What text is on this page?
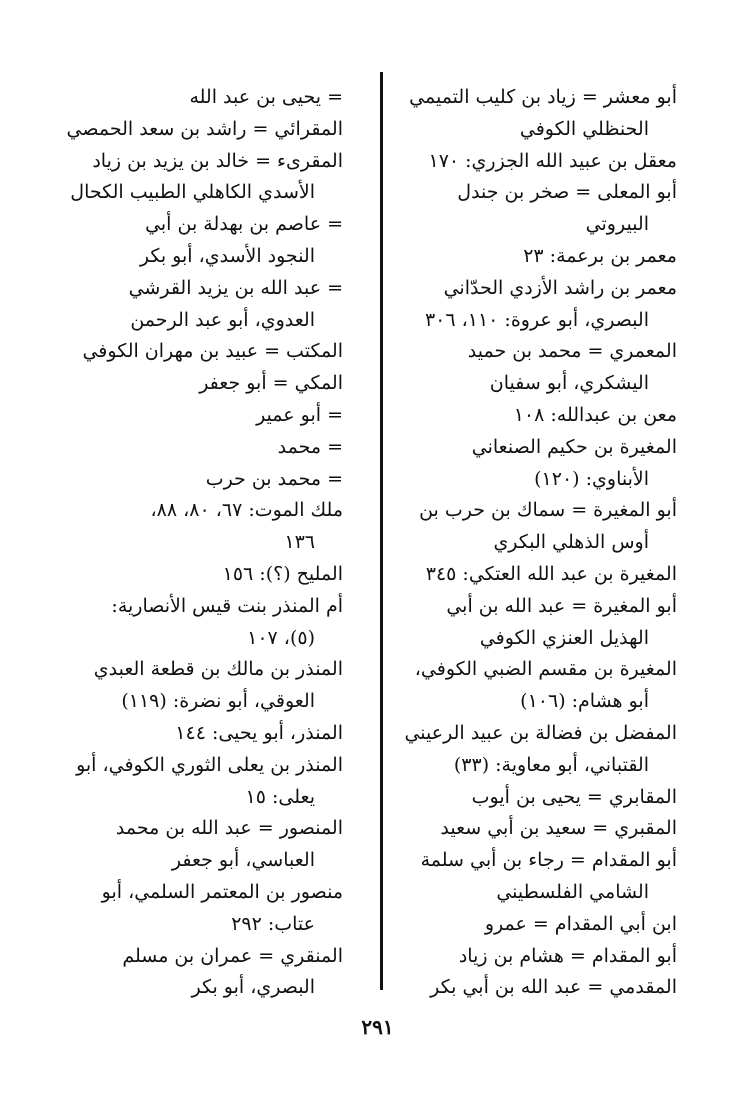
أبو معشر = زياد بن كليب التميمي
الحنظلي الكوفي
معقل بن عبيد الله الجزري: ١٧٠
أبو المعلى = صخر بن جندل
البيروتي
معمر بن برعمة: ٢٣
معمر بن راشد الأزدي الحدّاني
البصري، أبو عروة: ١١٠، ٣٠٦
المعمري = محمد بن حميد
اليشكري، أبو سفيان
معن بن عبدالله: ١٠٨
المغيرة بن حكيم الصنعاني
الأبناوي: (١٢٠)
أبو المغيرة = سماك بن حرب بن
أوس الذهلي البكري
المغيرة بن عبد الله العتكي: ٣٤٥
أبو المغيرة = عبد الله بن أبي
الهذيل العنزي الكوفي
المغيرة بن مقسم الضبي الكوفي،
أبو هشام: (١٠٦)
المفضل بن فضالة بن عبيد الرعيني
القتباني، أبو معاوية: (٣٣)
المقابري = يحيى بن أيوب
المقبري = سعيد بن أبي سعيد
أبو المقدام = رجاء بن أبي سلمة
الشامي الفلسطيني
ابن أبي المقدام = عمرو
أبو المقدام = هشام بن زياد
المقدمي = عبد الله بن أبي بكر
= يحيى بن عبد الله
المقرائي = راشد بن سعد الحمصي
المقرىء = خالد بن يزيد بن زياد
الأسدي الكاهلي الطبيب الكحال
= عاصم بن بهدلة بن أبي
النجود الأسدي، أبو بكر
= عبد الله بن يزيد القرشي
العدوي، أبو عبد الرحمن
المكتب = عبيد بن مهران الكوفي
المكي = أبو جعفر
= أبو عمير
= محمد
= محمد بن حرب
ملك الموت: ٦٧، ٨٠، ٨٨،
١٣٦
المليح (؟): ١٥٦
أم المنذر بنت قيس الأنصارية:
(٥)، ١٠٧
المنذر بن مالك بن قطعة العبدي
العوقي، أبو نضرة: (١١٩)
المنذر، أبو يحيى: ١٤٤
المنذر بن يعلى الثوري الكوفي، أبو
يعلى: ١٥
المنصور = عبد الله بن محمد
العباسي، أبو جعفر
منصور بن المعتمر السلمي، أبو
عتاب: ٢٩٢
المنقري = عمران بن مسلم
البصري، أبو بكر
٢٩١
